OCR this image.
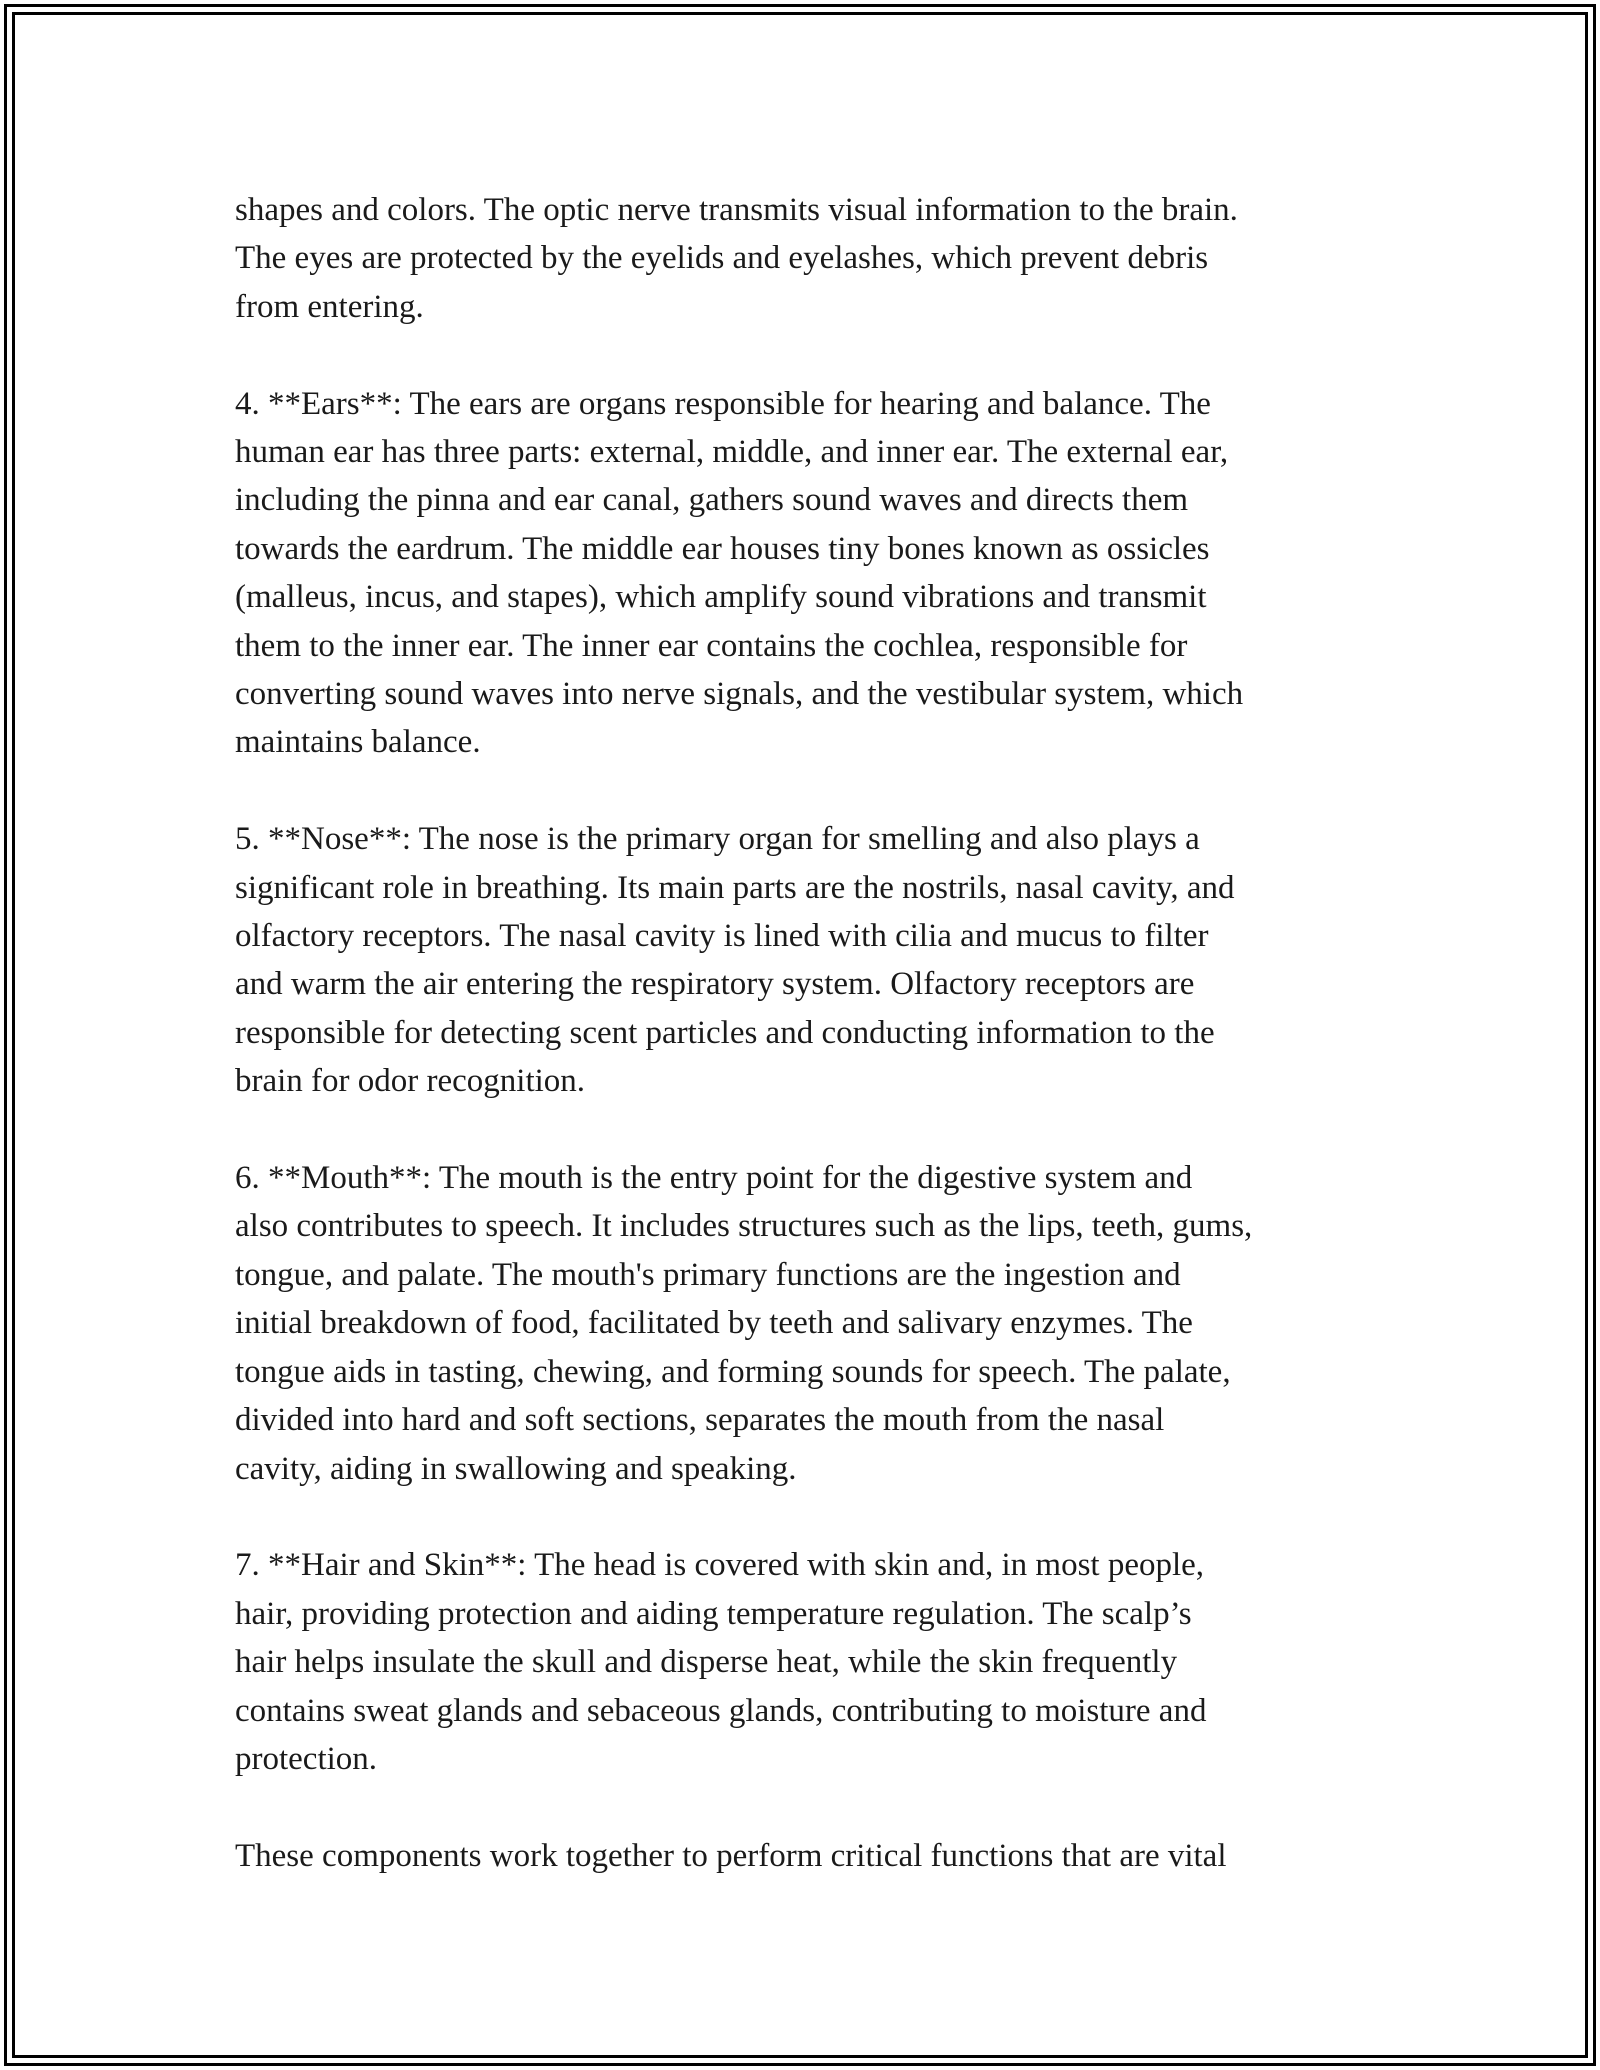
shapes and colors. The optic nerve transmits visual information to the brain.
The eyes are protected by the eyelids and eyelashes, which prevent debris
from entering.

4. **Ears**: The ears are organs responsible for hearing and balance. The
human ear has three parts: external, middle, and inner ear. The external ear,
including the pinna and ear canal, gathers sound waves and directs them
towards the eardrum. The middle ear houses tiny bones known as ossicles
(malleus, incus, and stapes), which amplify sound vibrations and transmit
them to the inner ear. The inner ear contains the cochlea, responsible for
converting sound waves into nerve signals, and the vestibular system, which
maintains balance.

5. **Nose**: The nose is the primary organ for smelling and also plays a
significant role in breathing. Its main parts are the nostrils, nasal cavity, and
olfactory receptors. The nasal cavity is lined with cilia and mucus to filter
and warm the air entering the respiratory system. Olfactory receptors are
responsible for detecting scent particles and conducting information to the
brain for odor recognition.

6. **Mouth**: The mouth is the entry point for the digestive system and
also contributes to speech. It includes structures such as the lips, teeth, gums,
tongue, and palate. The mouth's primary functions are the ingestion and
initial breakdown of food, facilitated by teeth and salivary enzymes. The
tongue aids in tasting, chewing, and forming sounds for speech. The palate,
divided into hard and soft sections, separates the mouth from the nasal
cavity, aiding in swallowing and speaking.

7. **Hair and Skin**: The head is covered with skin and, in most people,
hair, providing protection and aiding temperature regulation. The scalp’s
hair helps insulate the skull and disperse heat, while the skin frequently
contains sweat glands and sebaceous glands, contributing to moisture and
protection.

These components work together to perform critical functions that are vital
